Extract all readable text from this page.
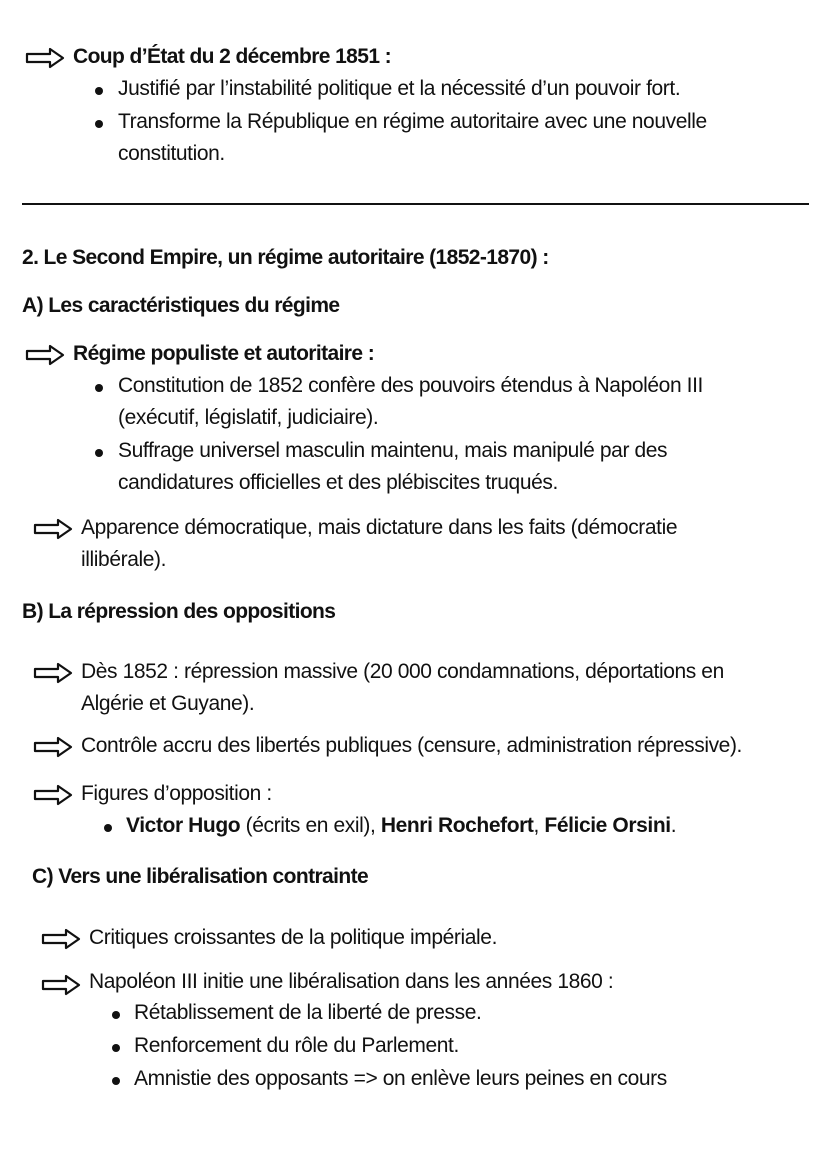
Coup d’État du 2 décembre 1851 :
Justifié par l’instabilité politique et la nécessité d’un pouvoir fort.
Transforme la République en régime autoritaire avec une nouvelle
constitution.
2. Le Second Empire, un régime autoritaire (1852-1870) :
A) Les caractéristiques du régime
Régime populiste et autoritaire :
Constitution de 1852 confère des pouvoirs étendus à Napoléon III
(exécutif, législatif, judiciaire).
Suffrage universel masculin maintenu, mais manipulé par des
candidatures officielles et des plébiscites truqués.
Apparence démocratique, mais dictature dans les faits (démocratie
illibérale).
B) La répression des oppositions
Dès 1852 : répression massive (20 000 condamnations, déportations en
Algérie et Guyane).
Contrôle accru des libertés publiques (censure, administration répressive).
Figures d’opposition :
Victor Hugo (écrits en exil), Henri Rochefort, Félicie Orsini.
C) Vers une libéralisation contrainte
Critiques croissantes de la politique impériale.
Napoléon III initie une libéralisation dans les années 1860 :
Rétablissement de la liberté de presse.
Renforcement du rôle du Parlement.
Amnistie des opposants => on enlève leurs peines en cours
